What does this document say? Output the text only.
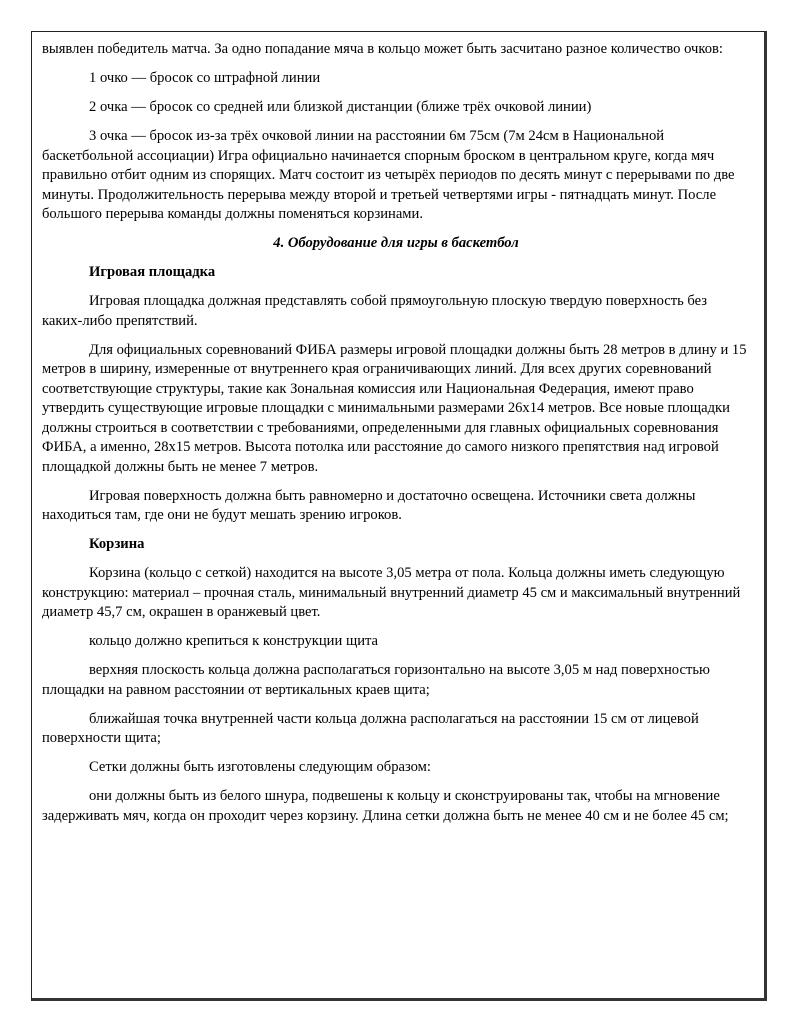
выявлен победитель матча. За одно попадание мяча в кольцо может быть засчитано разное количество очков:

1 очко — бросок со штрафной линии

2 очка — бросок со средней или близкой дистанции (ближе трёх очковой линии)

3 очка — бросок из-за трёх очковой линии на расстоянии 6м 75см (7м 24см в Национальной баскетбольной ассоциации) Игра официально начинается спорным броском в центральном круге, когда мяч правильно отбит одним из спорящих. Матч состоит из четырёх периодов по десять минут с перерывами по две минуты. Продолжительность перерыва между второй и третьей четвертями игры - пятнадцать минут. После большого перерыва команды должны поменяться корзинами.

4. Оборудование для игры в баскетбол

Игровая площадка

Игровая площадка должная представлять собой прямоугольную плоскую твердую поверхность без каких-либо препятствий.

Для официальных соревнований ФИБА размеры игровой площадки должны быть 28 метров в длину и 15 метров в ширину, измеренные от внутреннего края ограничивающих линий. Для всех других соревнований соответствующие структуры, такие как Зональная комиссия или Национальная Федерация, имеют право утвердить существующие игровые площадки с минимальными размерами 26х14 метров. Все новые площадки должны строиться в соответствии с требованиями, определенными для главных официальных соревнования ФИБА, а именно, 28х15 метров. Высота потолка или расстояние до самого низкого препятствия над игровой площадкой должны быть не менее 7 метров.

Игровая поверхность должна быть равномерно и достаточно освещена. Источники света должны находиться там, где они не будут мешать зрению игроков.

Корзина

Корзина (кольцо с сеткой) находится на высоте 3,05 метра от пола. Кольца должны иметь следующую конструкцию: материал – прочная сталь, минимальный внутренний диаметр 45 см и максимальный внутренний диаметр 45,7 см, окрашен в оранжевый цвет.

кольцо должно крепиться к конструкции щита

верхняя плоскость кольца должна располагаться горизонтально на высоте 3,05 м над поверхностью площадки на равном расстоянии от вертикальных краев щита;

ближайшая точка внутренней части кольца должна располагаться на расстоянии 15 см от лицевой поверхности щита;

Сетки должны быть изготовлены следующим образом:

они должны быть из белого шнура, подвешены к кольцу и сконструированы так, чтобы на мгновение задерживать мяч, когда он проходит через корзину. Длина сетки должна быть не менее 40 см и не более 45 см;
